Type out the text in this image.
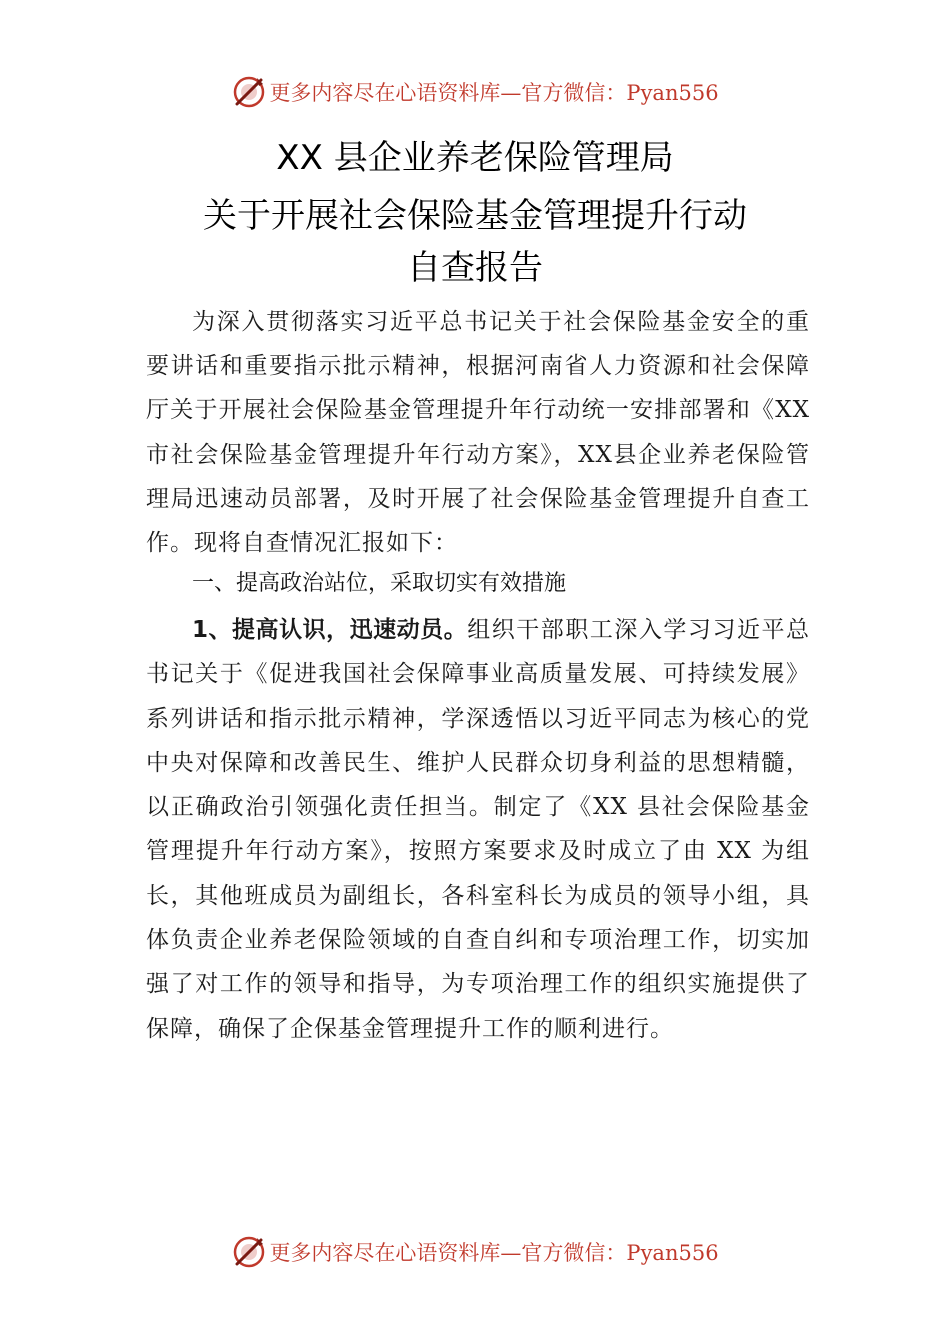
更多内容尽在心语资料库—官方微信：Pyan556
XX 县企业养老保险管理局
关于开展社会保险基金管理提升行动
自查报告

为深入贯彻落实习近平总书记关于社会保险基金安全的重要讲话和重要指示批示精神，根据河南省人力资源和社会保障厅关于开展社会保险基金管理提升年行动统一安排部署和《XX 市社会保险基金管理提升年行动方案》，XX县企业养老保险管理局迅速动员部署，及时开展了社会保险基金管理提升自查工作。现将自查情况汇报如下：

一、提高政治站位，采取切实有效措施

1、提高认识，迅速动员。组织干部职工深入学习习近平总书记关于《促进我国社会保障事业高质量发展、可持续发展》系列讲话和指示批示精神，学深透悟以习近平同志为核心的党中央对保障和改善民生、维护人民群众切身利益的思想精髓，以正确政治引领强化责任担当。制定了《XX 县社会保险基金管理提升年行动方案》，按照方案要求及时成立了由 XX 为组长，其他班成员为副组长，各科室科长为成员的领导小组，具体负责企业养老保险领域的自查自纠和专项治理工作，切实加强了对工作的领导和指导，为专项治理工作的组织实施提供了保障，确保了企保基金管理提升工作的顺利进行。

更多内容尽在心语资料库—官方微信：Pyan556
